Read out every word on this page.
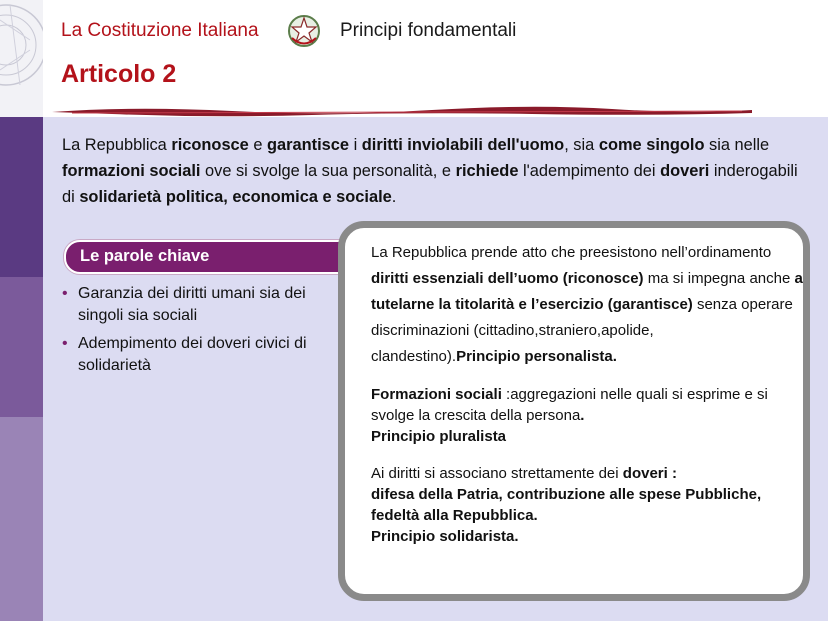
La Costituzione Italiana	Principi fondamentali
Articolo 2
La Repubblica riconosce e garantisce i diritti inviolabili dell'uomo, sia come singolo sia nelle formazioni sociali ove si svolge la sua personalità, e richiede l'adempimento dei doveri inderogabili di solidarietà politica, economica e sociale.
Le parole chiave
• Garanzia dei diritti umani sia dei singoli sia sociali
• Adempimento dei doveri civici di solidarietà
La Repubblica prende atto che preesistono nell’ordinamento diritti essenziali dell’uomo (riconosce) ma si impegna anche a tutelarne la titolarità e l’esercizio (garantisce) senza operare discriminazioni (cittadino,straniero,apolide, clandestino).Principio personalista.
Formazioni sociali :aggregazioni nelle quali si esprime e si svolge la crescita della persona.
Principio pluralista
Ai diritti si associano strettamente dei doveri :
difesa della Patria, contribuzione alle spese Pubbliche, fedeltà alla Repubblica.
Principio solidarista.
